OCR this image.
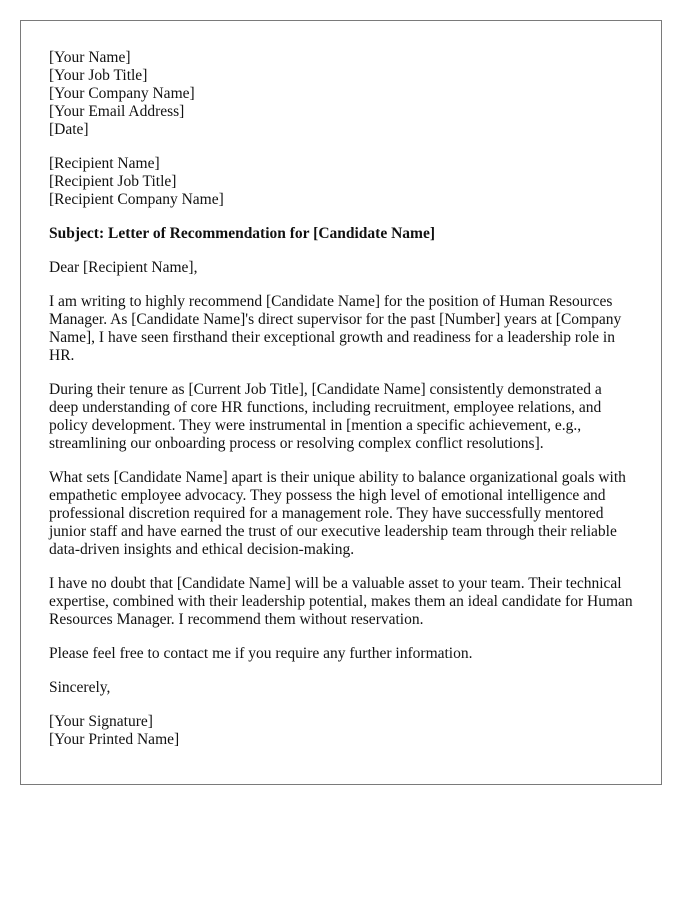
[Your Name]
[Your Job Title]
[Your Company Name]
[Your Email Address]
[Date]
[Recipient Name]
[Recipient Job Title]
[Recipient Company Name]

Subject: Letter of Recommendation for [Candidate Name]

Dear [Recipient Name],

I am writing to highly recommend [Candidate Name] for the position of Human Resources Manager. As [Candidate Name]'s direct supervisor for the past [Number] years at [Company Name], I have seen firsthand their exceptional growth and readiness for a leadership role in HR.

During their tenure as [Current Job Title], [Candidate Name] consistently demonstrated a deep understanding of core HR functions, including recruitment, employee relations, and policy development. They were instrumental in [mention a specific achievement, e.g., streamlining our onboarding process or resolving complex conflict resolutions].

What sets [Candidate Name] apart is their unique ability to balance organizational goals with empathetic employee advocacy. They possess the high level of emotional intelligence and professional discretion required for a management role. They have successfully mentored junior staff and have earned the trust of our executive leadership team through their reliable data-driven insights and ethical decision-making.

I have no doubt that [Candidate Name] will be a valuable asset to your team. Their technical expertise, combined with their leadership potential, makes them an ideal candidate for Human Resources Manager. I recommend them without reservation.

Please feel free to contact me if you require any further information.

Sincerely,

[Your Signature]
[Your Printed Name]
